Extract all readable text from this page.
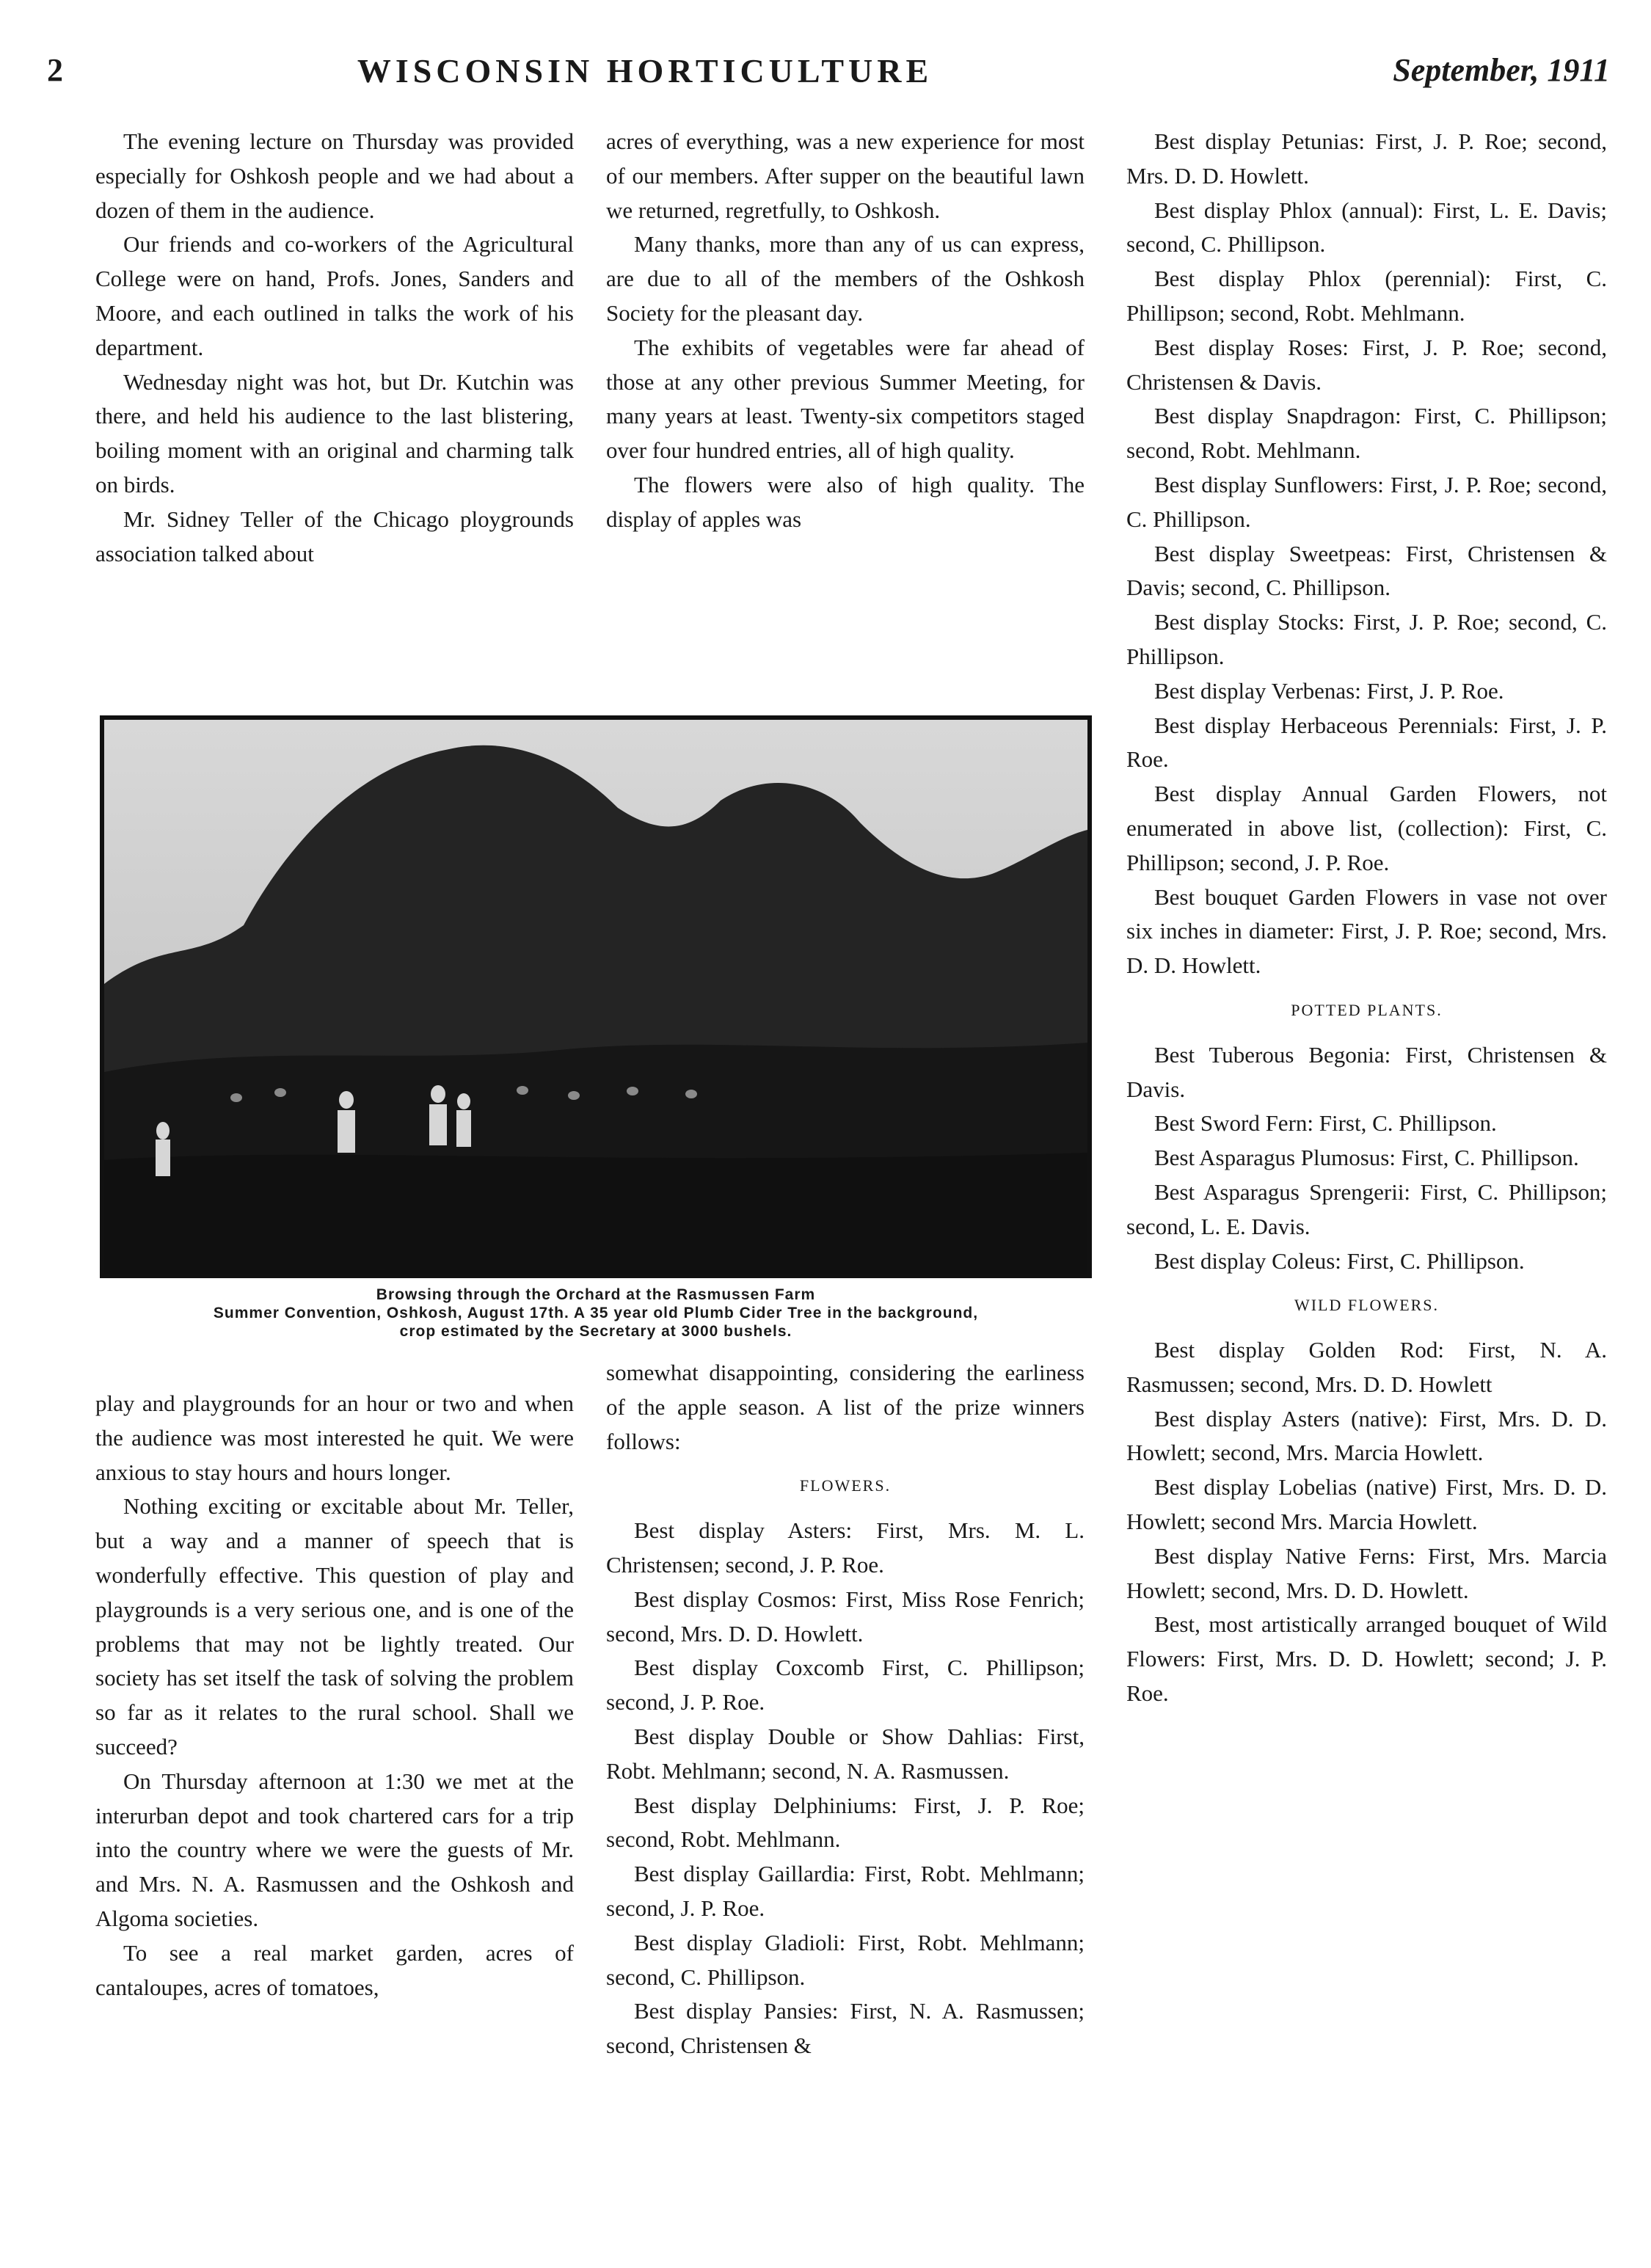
2	WISCONSIN HORTICULTURE	September, 1911

The evening lecture on Thursday was provided especially for Oshkosh people and we had about a dozen of them in the audience.

Our friends and co-workers of the Agricultural College were on hand, Profs. Jones, Sanders and Moore, and each outlined in talks the work of his department.

Wednesday night was hot, but Dr. Kutchin was there, and held his audience to the last blistering, boiling moment with an original and charming talk on birds.

Mr. Sidney Teller of the Chicago ploygrounds association talked about

acres of everything, was a new experience for most of our members. After supper on the beautiful lawn we returned, regretfully, to Oshkosh.

Many thanks, more than any of us can express, are due to all of the members of the Oshkosh Society for the pleasant day.

The exhibits of vegetables were far ahead of those at any other previous Summer Meeting, for many years at least. Twenty-six competitors staged over four hundred entries, all of high quality.

The flowers were also of high quality. The display of apples was

Browsing through the Orchard at the Rasmussen Farm
Summer Convention, Oshkosh, August 17th. A 35 year old Plumb Cider Tree in the background,
crop estimated by the Secretary at 3000 bushels.

play and playgrounds for an hour or two and when the audience was most interested he quit. We were anxious to stay hours and hours longer.

Nothing exciting or excitable about Mr. Teller, but a way and a manner of speech that is wonderfully effective. This question of play and playgrounds is a very serious one, and is one of the problems that may not be lightly treated. Our society has set itself the task of solving the problem so far as it relates to the rural school. Shall we succeed?

On Thursday afternoon at 1:30 we met at the interurban depot and took chartered cars for a trip into the country where we were the guests of Mr. and Mrs. N. A. Rasmussen and the Oshkosh and Algoma societies.

To see a real market garden, acres of cantaloupes, acres of tomatoes,

somewhat disappointing, considering the earliness of the apple season. A list of the prize winners follows:

FLOWERS.

Best display Asters: First, Mrs. M. L. Christensen; second, J. P. Roe.

Best display Cosmos: First, Miss Rose Fenrich; second, Mrs. D. D. Howlett.

Best display Coxcomb First, C. Phillipson; second, J. P. Roe.

Best display Double or Show Dahlias: First, Robt. Mehlmann; second, N. A. Rasmussen.

Best display Delphiniums: First, J. P. Roe; second, Robt. Mehlmann.

Best display Gaillardia: First, Robt. Mehlmann; second, J. P. Roe.

Best display Gladioli: First, Robt. Mehlmann; second, C. Phillipson.

Best display Pansies: First, N. A. Rasmussen; second, Christensen &

Best display Petunias: First, J. P. Roe; second, Mrs. D. D. Howlett.

Best display Phlox (annual): First, L. E. Davis; second, C. Phillipson.

Best display Phlox (perennial): First, C. Phillipson; second, Robt. Mehlmann.

Best display Roses: First, J. P. Roe; second, Christensen & Davis.

Best display Snapdragon: First, C. Phillipson; second, Robt. Mehlmann.

Best display Sunflowers: First, J. P. Roe; second, C. Phillipson.

Best display Sweetpeas: First, Christensen & Davis; second, C. Phillipson.

Best display Stocks: First, J. P. Roe; second, C. Phillipson.

Best display Verbenas: First, J. P. Roe.

Best display Herbaceous Perennials: First, J. P. Roe.

Best display Annual Garden Flowers, not enumerated in above list, (collection): First, C. Phillipson; second, J. P. Roe.

Best bouquet Garden Flowers in vase not over six inches in diameter: First, J. P. Roe; second, Mrs. D. D. Howlett.

POTTED PLANTS.

Best Tuberous Begonia: First, Christensen & Davis.

Best Sword Fern: First, C. Phillipson.

Best Asparagus Plumosus: First, C. Phillipson.

Best Asparagus Sprengerii: First, C. Phillipson; second, L. E. Davis.

Best display Coleus: First, C. Phillipson.

WILD FLOWERS.

Best display Golden Rod: First, N. A. Rasmussen; second, Mrs. D. D. Howlett

Best display Asters (native): First, Mrs. D. D. Howlett; second, Mrs. Marcia Howlett.

Best display Lobelias (native) First, Mrs. D. D. Howlett; second Mrs. Marcia Howlett.

Best display Native Ferns: First, Mrs. Marcia Howlett; second, Mrs. D. D. Howlett.

Best, most artistically arranged bouquet of Wild Flowers: First, Mrs. D. D. Howlett; second; J. P. Roe.
